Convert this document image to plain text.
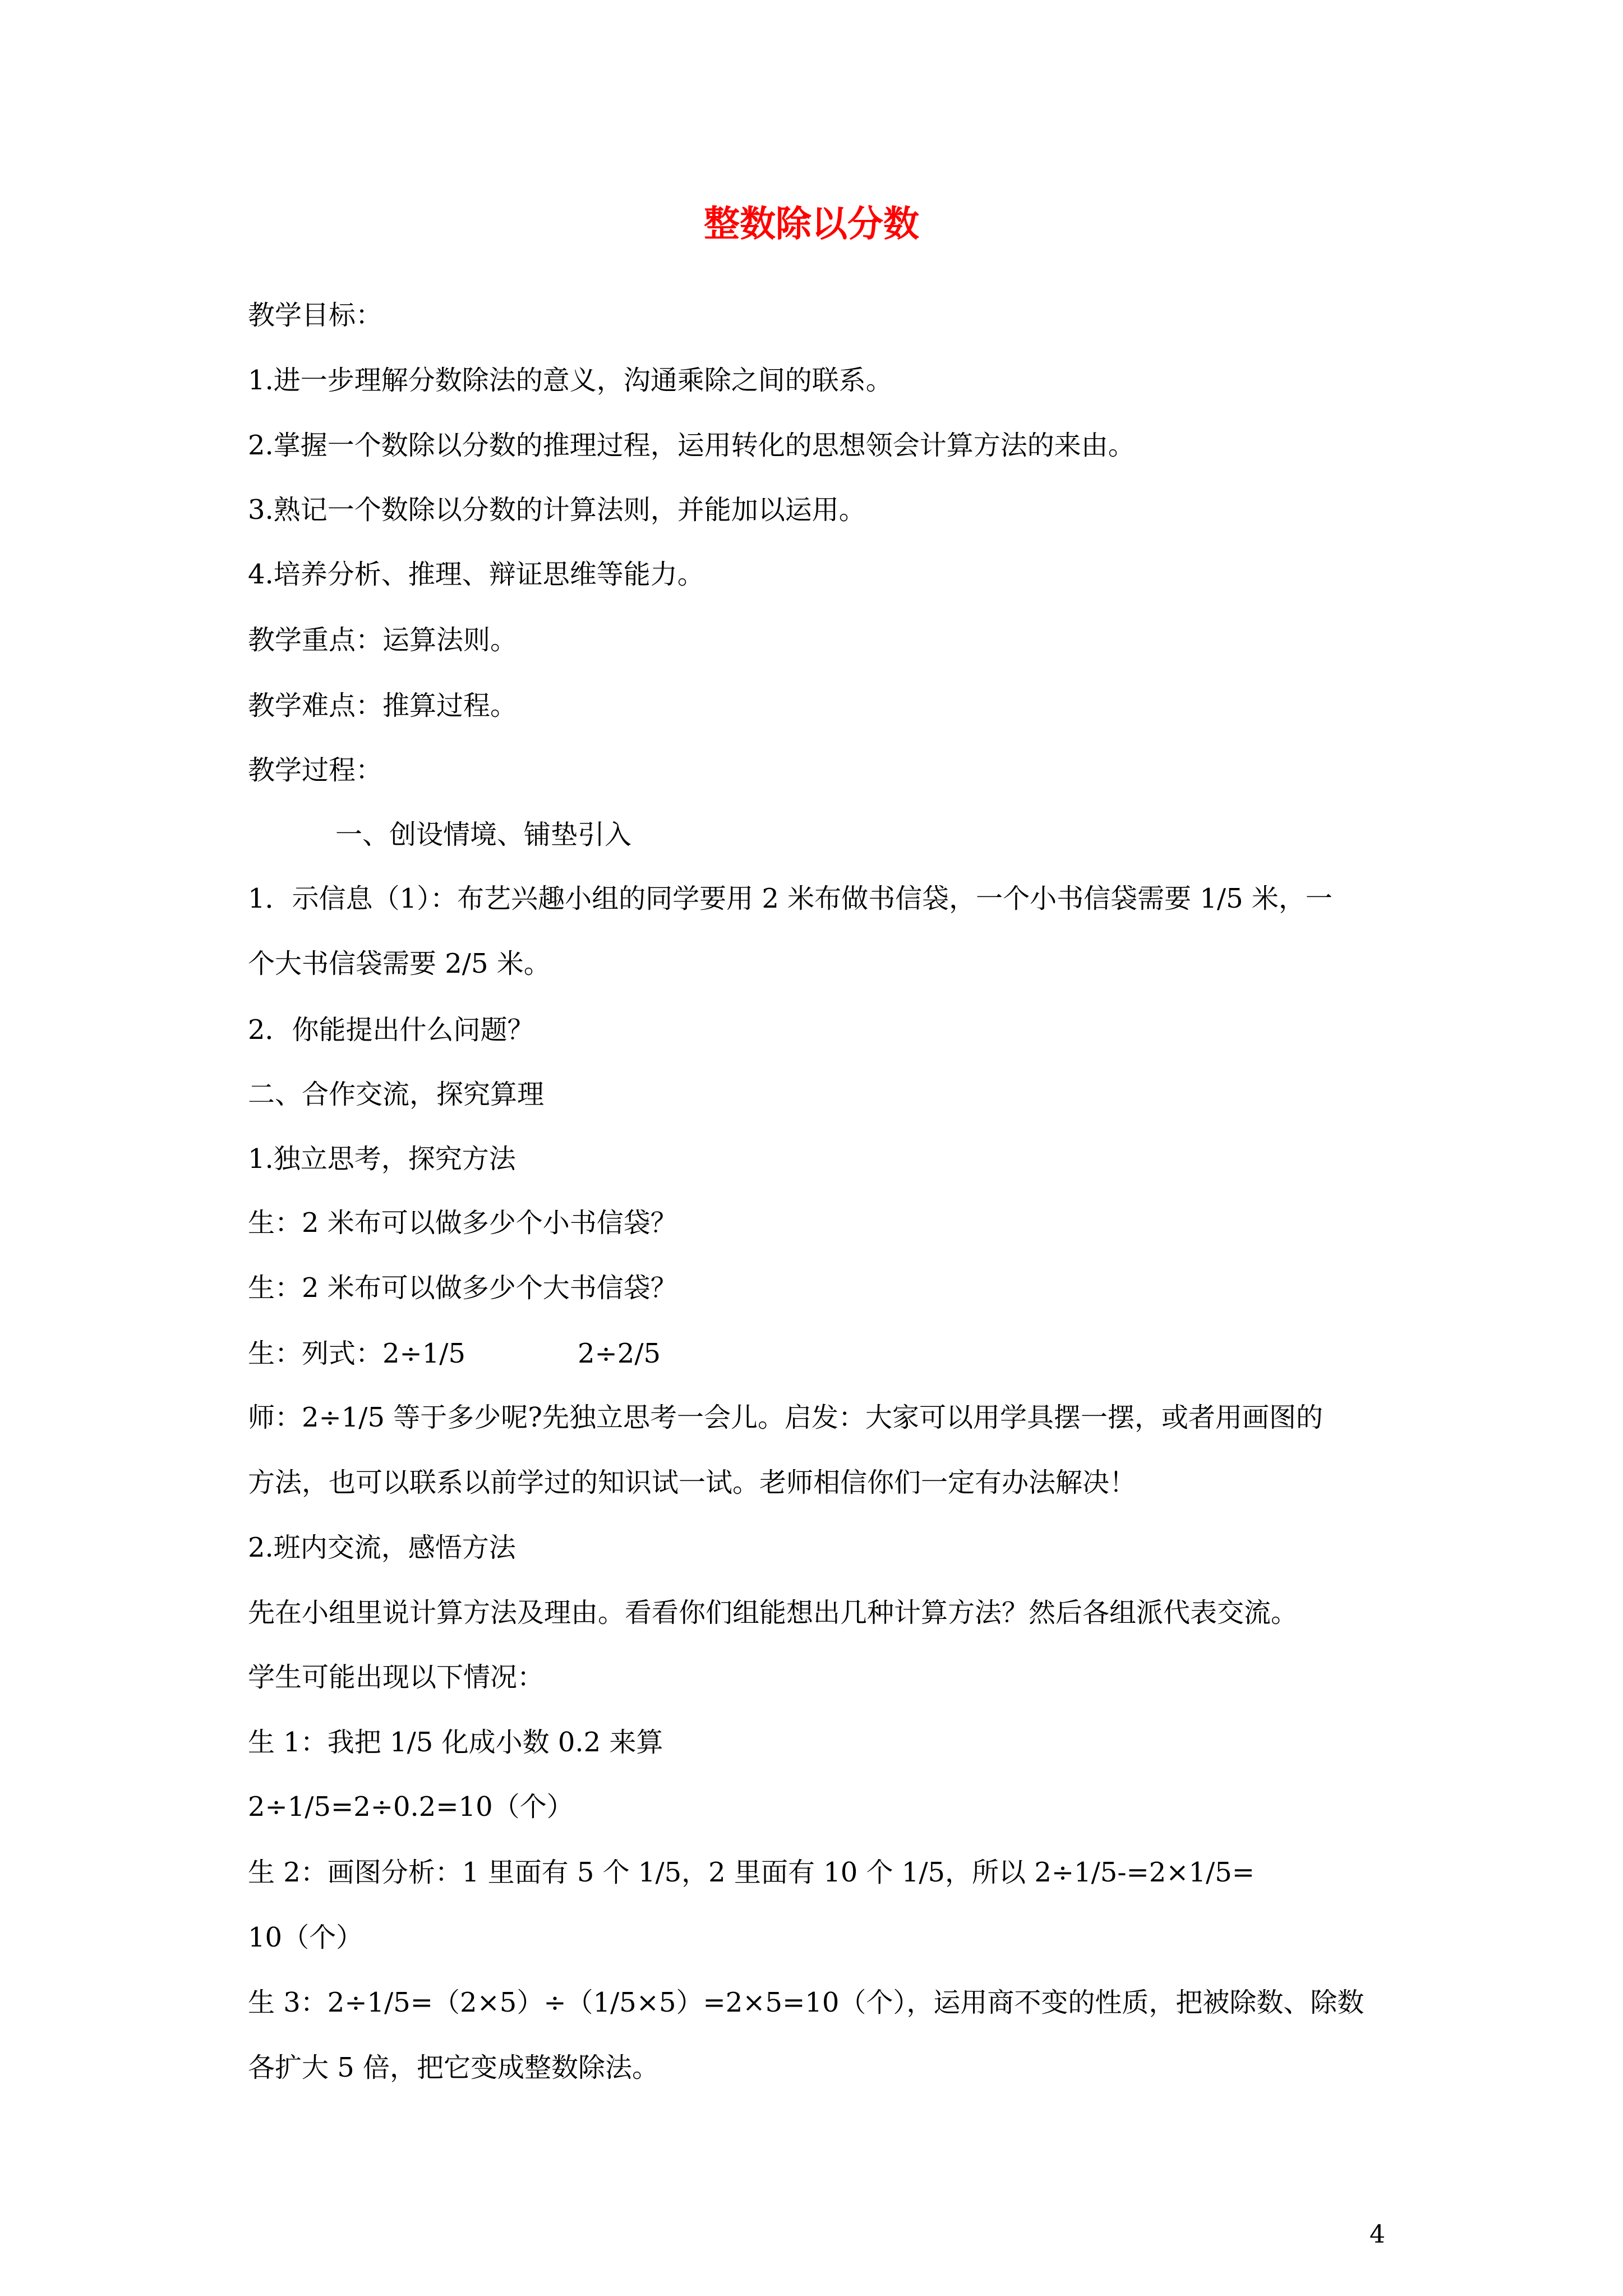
整数除以分数
教学目标：
1.进一步理解分数除法的意义，沟通乘除之间的联系。
2.掌握一个数除以分数的推理过程，运用转化的思想领会计算方法的来由。
3.熟记一个数除以分数的计算法则，并能加以运用。
4.培养分析、推理、辩证思维等能力。
教学重点：运算法则。
教学难点：推算过程。
教学过程：
一、创设情境、铺垫引入
1．示信息（1）：布艺兴趣小组的同学要用 2 米布做书信袋，一个小书信袋需要 1/5 米，一
个大书信袋需要 2/5 米。
2．你能提出什么问题？
二、合作交流，探究算理
1.独立思考，探究方法
生：2 米布可以做多少个小书信袋？
生：2 米布可以做多少个大书信袋？
生：列式：2÷1/5	2÷2/5
师：2÷1/5 等于多少呢?先独立思考一会儿。启发：大家可以用学具摆一摆，或者用画图的
方法，也可以联系以前学过的知识试一试。老师相信你们一定有办法解决！
2.班内交流，感悟方法
先在小组里说计算方法及理由。看看你们组能想出几种计算方法？然后各组派代表交流。
学生可能出现以下情况：
生 1：我把 1/5 化成小数 0.2 来算
2÷1/5=2÷0.2=10（个）
生 2：画图分析：1 里面有 5 个 1/5，2 里面有 10 个 1/5，所以 2÷1/5-=2×1/5=
10（个）
生 3：2÷1/5=（2×5）÷（1/5×5）=2×5=10（个），运用商不变的性质，把被除数、除数
各扩大 5 倍，把它变成整数除法。
4
